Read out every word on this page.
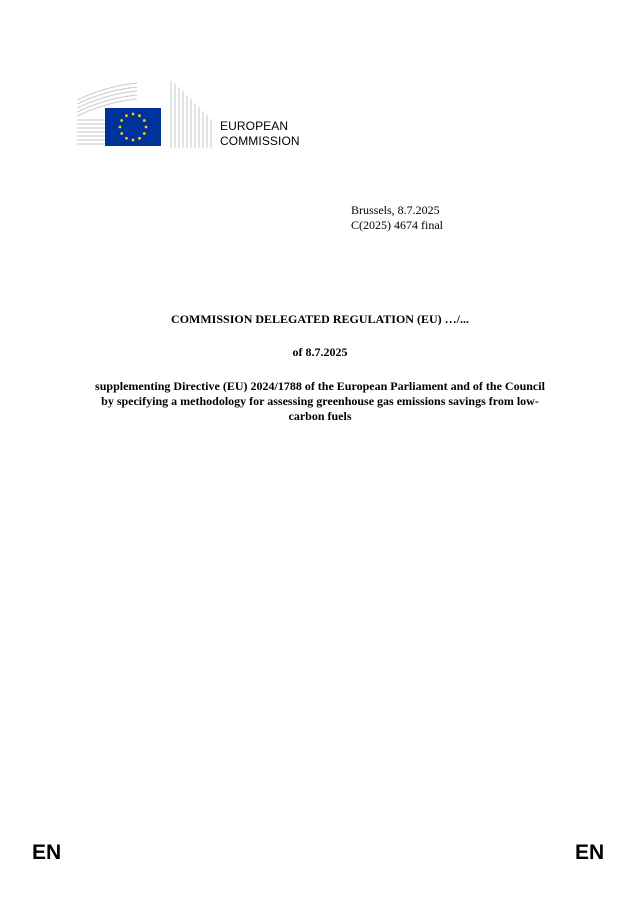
EUROPEAN
COMMISSION
Brussels, 8.7.2025
C(2025) 4674 final
COMMISSION DELEGATED REGULATION (EU) …/...
of 8.7.2025
supplementing Directive (EU) 2024/1788 of the European Parliament and of the Council
by specifying a methodology for assessing greenhouse gas emissions savings from low-
carbon fuels
EN	EN
